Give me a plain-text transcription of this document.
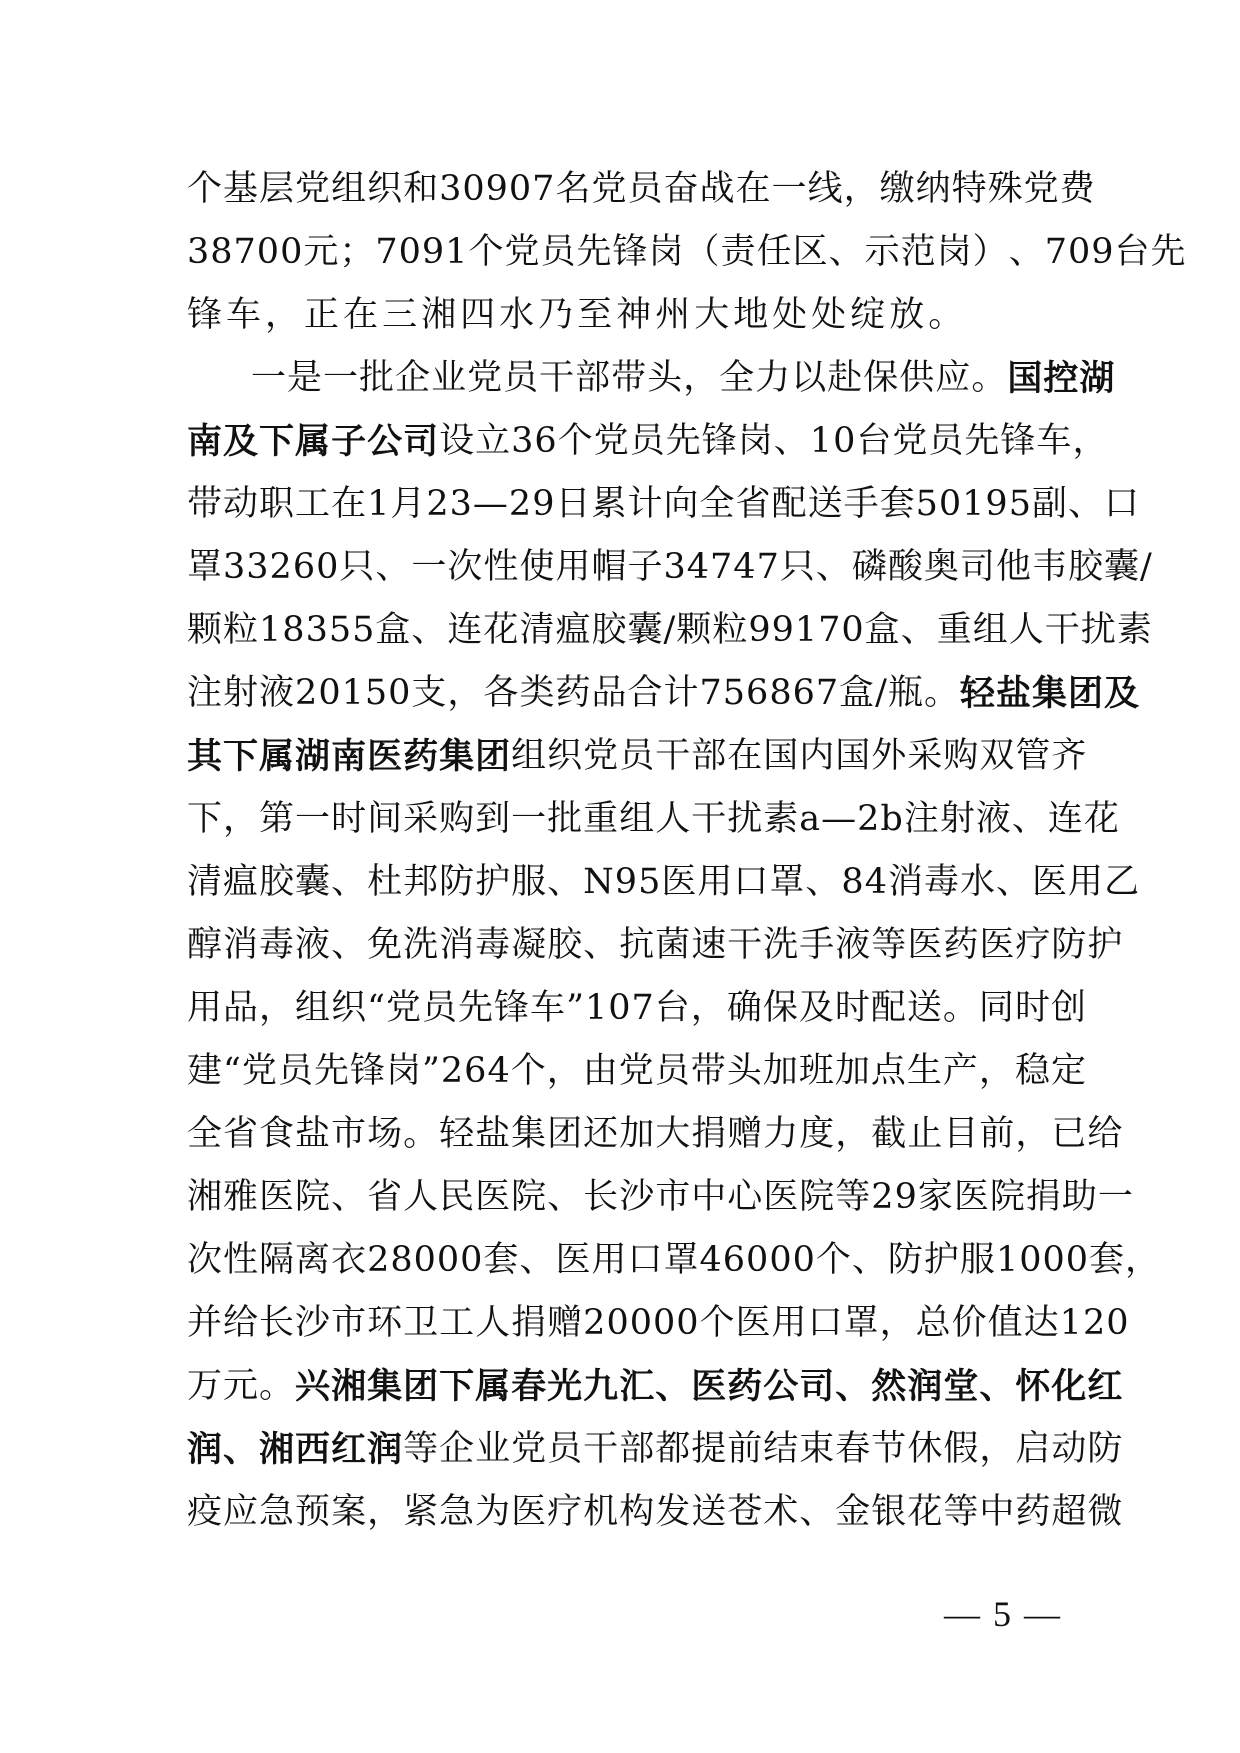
个 基 层 党 组 织 和 30907 名 党 员 奋 战 在 一 线 ， 缴 纳 特 殊 党 费
38700 元 ； 7091 个 党 员 先 锋 岗 （ 责 任 区 、 示 范 岗 ） 、 709 台 先
锋 车 ， 正 在 三 湘 四 水 乃 至 神 州 大 地 处 处 绽 放 。
一 是 一 批 企 业 党 员 干 部 带 头 ， 全 力 以 赴 保 供 应 。 国 控 湖
南 及 下 属 子 公 司 设 立 36 个 党 员 先 锋 岗 、 10 台 党 员 先 锋 车 ，
带 动 职 工 在 1 月 23 — 29 日 累 计 向 全 省 配 送 手 套 50195 副 、 口
罩 33260 只 、 一 次 性 使 用 帽 子 34747 只 、 磷 酸 奥 司 他 韦 胶 囊 /
颗 粒 18355 盒 、 连 花 清 瘟 胶 囊 / 颗 粒 99170 盒 、 重 组 人 干 扰 素
注 射 液 20150 支 ， 各 类 药 品 合 计 756867 盒 / 瓶 。 轻 盐 集 团 及
其 下 属 湖 南 医 药 集 团 组 织 党 员 干 部 在 国 内 国 外 采 购 双 管 齐
下 ， 第 一 时 间 采 购 到 一 批 重 组 人 干 扰 素 a — 2b 注 射 液 、 连 花
清 瘟 胶 囊 、 杜 邦 防 护 服 、 N95 医 用 口 罩 、 84 消 毒 水 、 医 用 乙
醇 消 毒 液 、 免 洗 消 毒 凝 胶 、 抗 菌 速 干 洗 手 液 等 医 药 医 疗 防 护
用 品 ， 组 织 “ 党 员 先 锋 车 ” 107 台 ， 确 保 及 时 配 送 。 同 时 创
建 “ 党 员 先 锋 岗 ” 264 个 ， 由 党 员 带 头 加 班 加 点 生 产 ， 稳 定
全 省 食 盐 市 场 。 轻 盐 集 团 还 加 大 捐 赠 力 度 ， 截 止 目 前 ， 已 给
湘 雅 医 院 、 省 人 民 医 院 、 长 沙 市 中 心 医 院 等 29 家 医 院 捐 助 一
次 性 隔 离 衣 28000 套 、 医 用 口 罩 46000 个 、 防 护 服 1000 套 ，
并 给 长 沙 市 环 卫 工 人 捐 赠 20000 个 医 用 口 罩 ， 总 价 值 达 120
万 元 。 兴 湘 集 团 下 属 春 光 九 汇 、 医 药 公 司 、 然 润 堂 、 怀 化 红
润 、 湘 西 红 润 等 企 业 党 员 干 部 都 提 前 结 束 春 节 休 假 ， 启 动 防
疫 应 急 预 案 ， 紧 急 为 医 疗 机 构 发 送 苍 术 、 金 银 花 等 中 药 超 微
— 5 —
